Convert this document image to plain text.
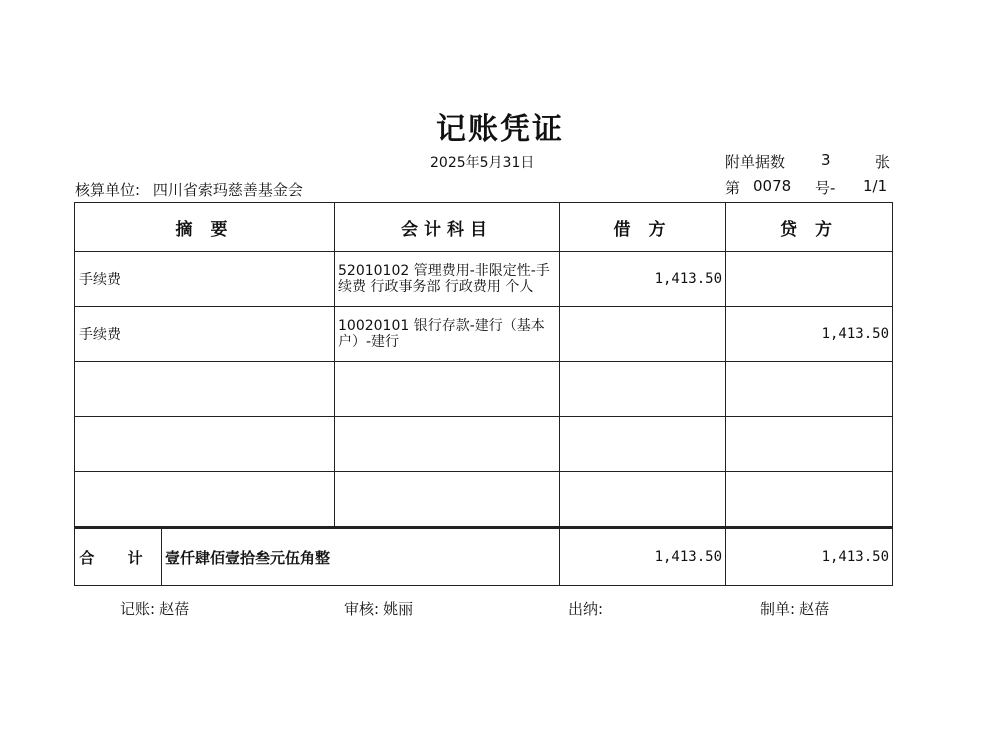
记账凭证
2025年5月31日	附单据数 3	张
核算单位: 四川省索玛慈善基金会	第 0078 号- 1/1
摘 要	会计科目	借 方	贷 方
手续费	52010102 管理费用-非限定性-手续费 行政事务部 行政费用 个人	1,413.50	
手续费	10020101 银行存款-建行（基本户）-建行		1,413.50

合 计 壹仟肆佰壹拾叁元伍角整		1,413.50	1,413.50
记账: 赵蓓	审核: 姚丽	出纳:	制单: 赵蓓
